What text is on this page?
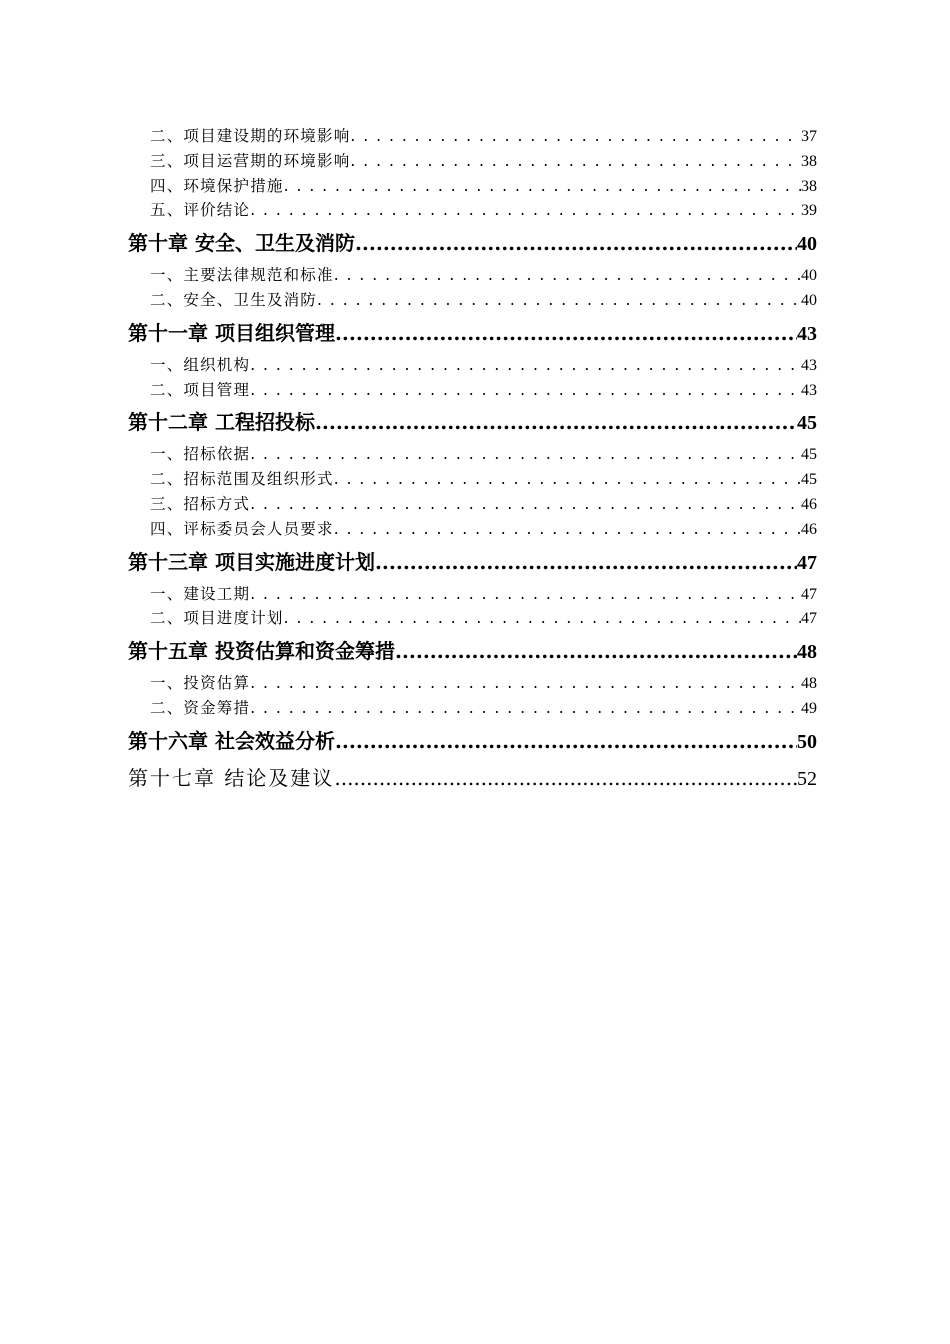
二、项目建设期的环境影响 . . .	37
三、项目运营期的环境影响 . . .	38
四、环境保护措施 . . .	38
五、评价结论 . . .	39
第十章 安全、卫生及消防 .....	40
一、主要法律规范和标准 . . .	40
二、安全、卫生及消防 . . .	40
第十一章 项目组织管理 .....	43
一、组织机构 . . .	43
二、项目管理 . . .	43
第十二章 工程招投标 .....	45
一、招标依据 . . .	45
二、招标范围及组织形式 . . .	45
三、招标方式 . . .	46
四、评标委员会人员要求 . . .	46
第十三章 项目实施进度计划 .....	47
一、建设工期 . . .	47
二、项目进度计划 . . .	47
第十五章 投资估算和资金筹措 .....	48
一、投资估算 . . .	48
二、资金筹措 . . .	49
第十六章 社会效益分析 .....	50
第十七章 结论及建议 .....	52
